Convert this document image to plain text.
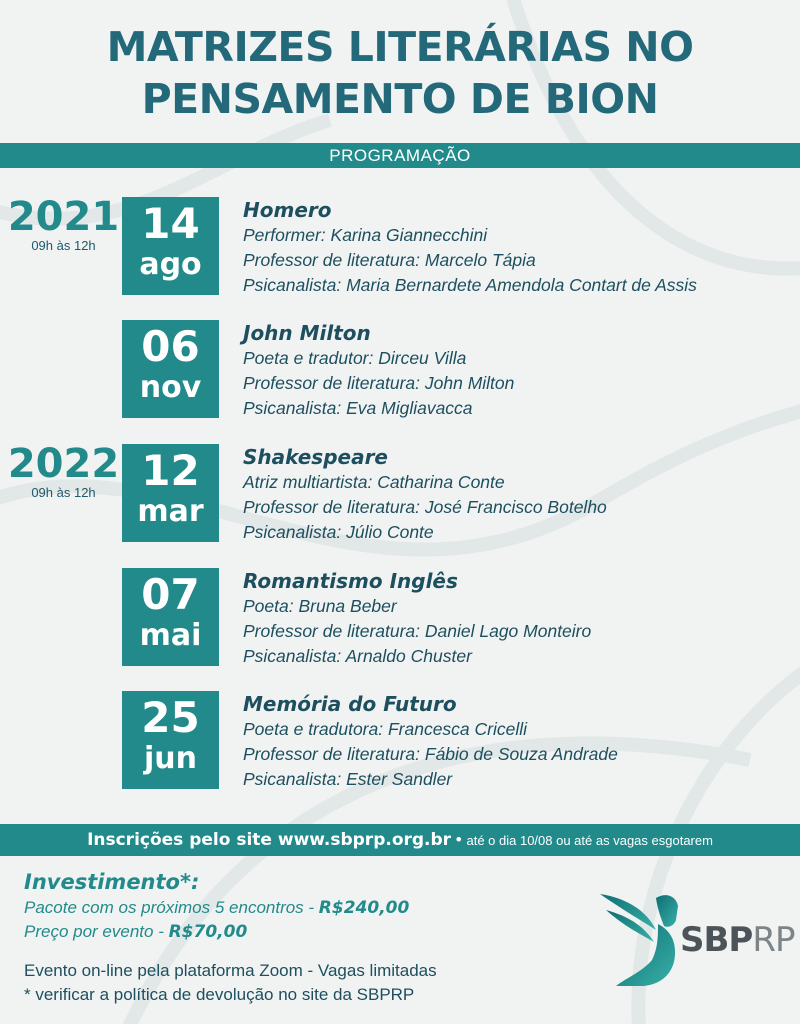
MATRIZES LITERÁRIAS NO
PENSAMENTO DE BION
PROGRAMAÇÃO
2021
09h às 12h
2022
09h às 12h
14
ago
Homero
Performer: Karina Giannecchini
Professor de literatura: Marcelo Tápia
Psicanalista: Maria Bernardete Amendola Contart de Assis
06
nov
John Milton
Poeta e tradutor: Dirceu Villa
Professor de literatura: John Milton
Psicanalista: Eva Migliavacca
12
mar
Shakespeare
Atriz multiartista: Catharina Conte
Professor de literatura: José Francisco Botelho
Psicanalista: Júlio Conte
07
mai
Romantismo Inglês
Poeta: Bruna Beber
Professor de literatura: Daniel Lago Monteiro
Psicanalista: Arnaldo Chuster
25
jun
Memória do Futuro
Poeta e tradutora: Francesca Cricelli
Professor de literatura: Fábio de Souza Andrade
Psicanalista: Ester Sandler
Inscrições pelo site www.sbprp.org.br • até o dia 10/08 ou até as vagas esgotarem
Investimento*:
Pacote com os próximos 5 encontros - R$240,00
Preço por evento - R$70,00
Evento on-line pela plataforma Zoom - Vagas limitadas
* verificar a política de devolução no site da SBPRP
SBPRP
